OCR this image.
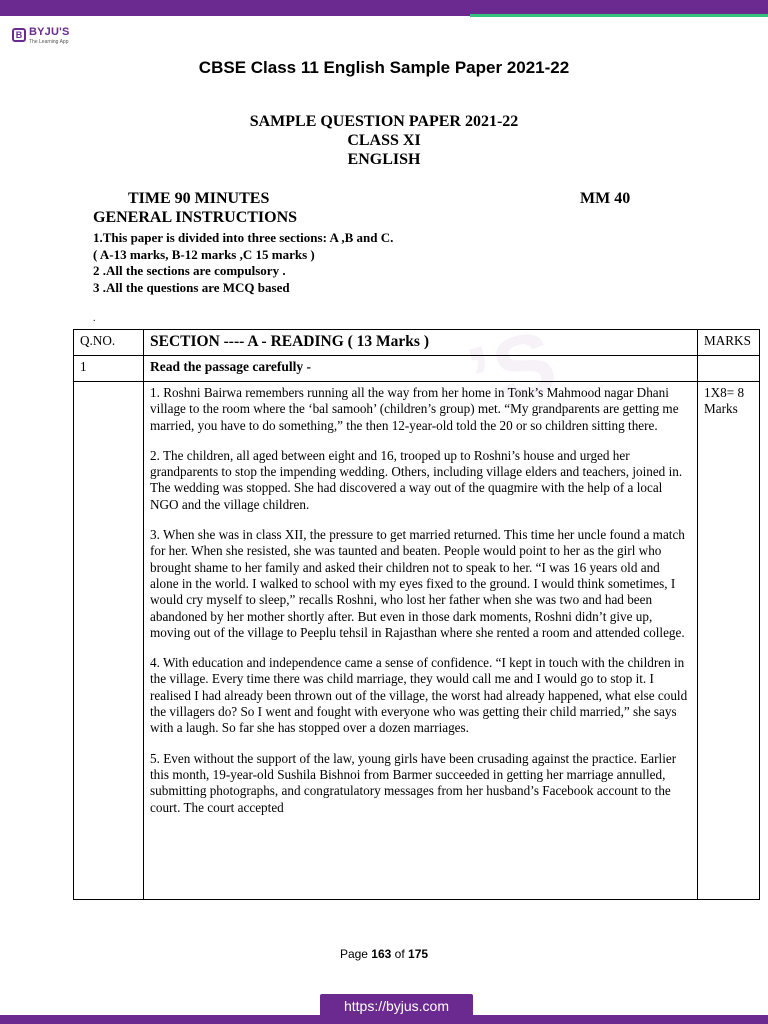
B BYJU'S
The Learning App
ʼS
CBSE Class 11 English Sample Paper 2021-22
SAMPLE QUESTION PAPER 2021-22
CLASS XI
ENGLISH
TIME 90 MINUTES	MM 40
GENERAL INSTRUCTIONS
1.This paper is divided into three sections: A ,B and C.
( A-13 marks, B-12 marks ,C 15 marks )
2 .All the sections are compulsory .
3 .All the questions are MCQ based
.
Q.NO.	SECTION ---- A - READING ( 13 Marks )	MARKS
1	Read the passage carefully -	

	1. Roshni Bairwa remembers running all the way from her home in Tonk’s Mahmood nagar Dhani village to the room where the ‘bal samooh’ (children’s group) met. “My grandparents are getting me married, you have to do something,” the then 12-year-old told the 20 or so children sitting there.

2. The children, all aged between eight and 16, trooped up to Roshni’s house and urged her grandparents to stop the impending wedding. Others, including village elders and teachers, joined in. The wedding was stopped. She had discovered a way out of the quagmire with the help of a local NGO and the village children.

3. When she was in class XII, the pressure to get married returned. This time her uncle found a match for her. When she resisted, she was taunted and beaten. People would point to her as the girl who brought shame to her family and asked their children not to speak to her. “I was 16 years old and alone in the world. I walked to school with my eyes fixed to the ground. I would think sometimes, I would cry myself to sleep,” recalls Roshni, who lost her father when she was two and had been abandoned by her mother shortly after. But even in those dark moments, Roshni didn’t give up, moving out of the village to Peeplu tehsil in Rajasthan where she rented a room and attended college.

4. With education and independence came a sense of confidence. “I kept in touch with the children in the village. Every time there was child marriage, they would call me and I would go to stop it. I realised I had already been thrown out of the village, the worst had already happened, what else could the villagers do? So I went and fought with everyone who was getting their child married,” she says with a laugh. So far she has stopped over a dozen marriages.

5. Even without the support of the law, young girls have been crusading against the practice. Earlier this month, 19-year-old Sushila Bishnoi from Barmer succeeded in getting her marriage annulled, submitting photographs, and congratulatory messages from her husband’s Facebook account to the court. The court accepted	1X8= 8 Marks
Page 163 of 175
https://byjus.com
